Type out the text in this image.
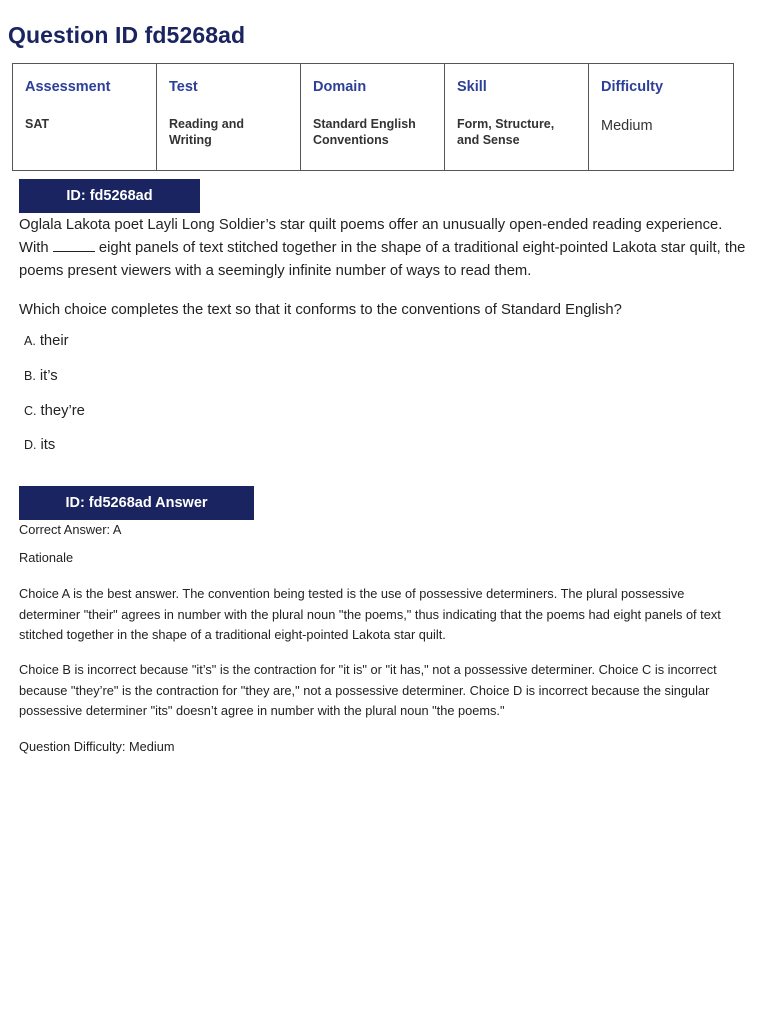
Question ID fd5268ad
Assessment	Test	Domain	Skill	Difficulty
SAT	Reading and Writing	Standard English Conventions	Form, Structure, and Sense	Medium
ID: fd5268ad

Oglala Lakota poet Layli Long Soldier’s star quilt poems offer an unusually open-ended reading experience. With	eight panels of text stitched together in the shape of a traditional eight-pointed Lakota star quilt, the poems present viewers with a seemingly infinite number of ways to read them.

Which choice completes the text so that it conforms to the conventions of Standard English?

A. their
B. it’s
C. they’re
D. its
ID: fd5268ad Answer

Correct Answer: A

Rationale

Choice A is the best answer. The convention being tested is the use of possessive determiners. The plural possessive determiner "their" agrees in number with the plural noun "the poems," thus indicating that the poems had eight panels of text stitched together in the shape of a traditional eight-pointed Lakota star quilt.

Choice B is incorrect because "it’s" is the contraction for "it is" or "it has," not a possessive determiner. Choice C is incorrect because "they’re" is the contraction for "they are," not a possessive determiner. Choice D is incorrect because the singular possessive determiner "its" doesn’t agree in number with the plural noun "the poems."

Question Difficulty: Medium
